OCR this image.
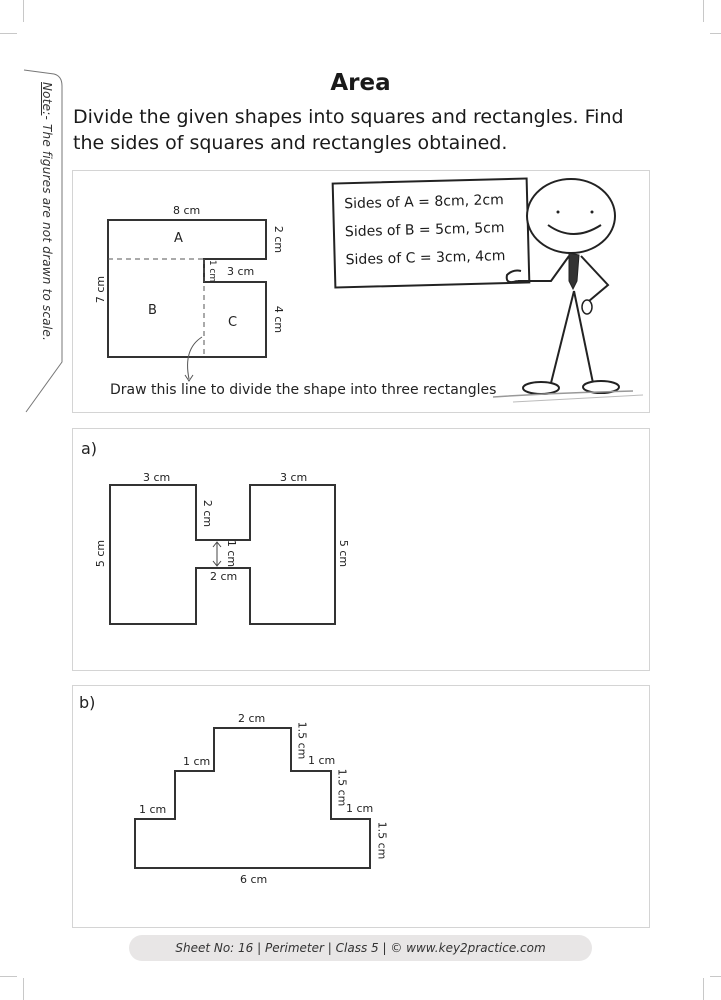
Note:- The figures are not drawn to scale.
Area
Divide the given shapes into squares and rectangles. Find the sides of squares and rectangles obtained.
8 cm
2 cm
1 cm 3 cm
4 cm
7 cm
A
B
C
Draw this line to divide the shape into three rectangles
Sides of A = 8cm, 2cm
Sides of B = 5cm, 5cm
Sides of C = 3cm, 4cm
a)
3 cm	3 cm
2 cm
1 cm
2 cm
5 cm	5 cm
b)
2 cm
1.5 cm
1 cm	1 cm
1.5 cm
1 cm	1 cm
1.5 cm
6 cm
Sheet No: 16 | Perimeter | Class 5 | © www.key2practice.com
